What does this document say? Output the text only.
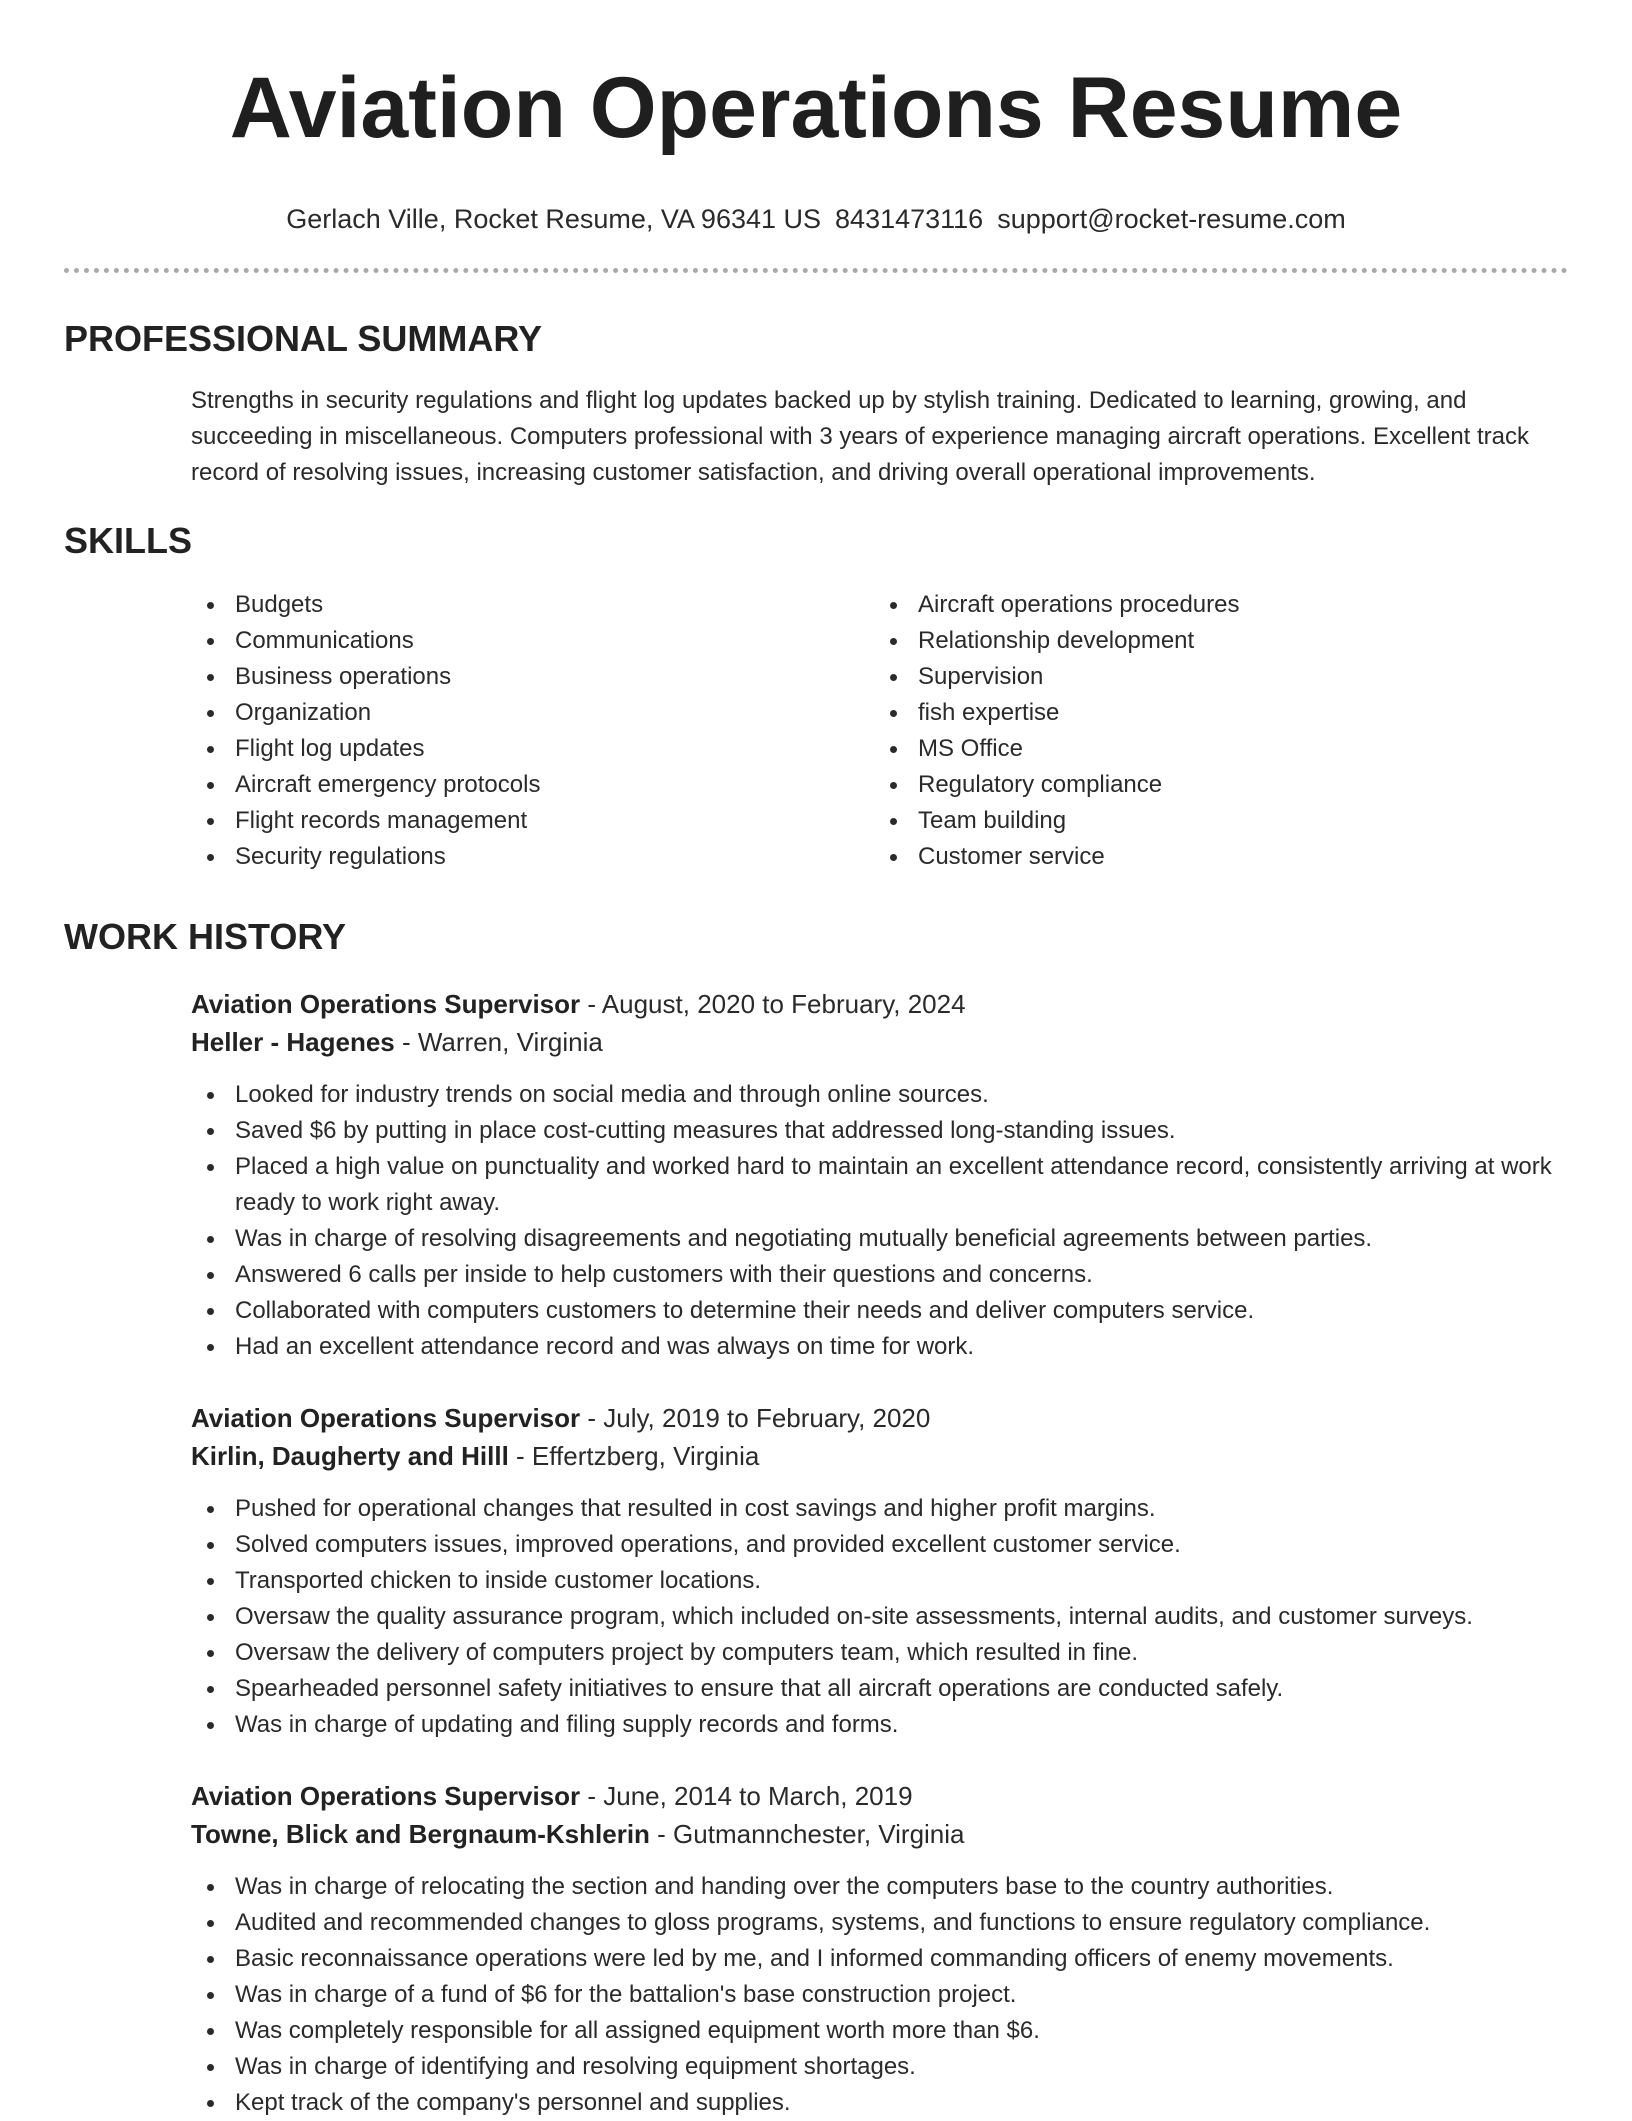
Aviation Operations Resume
Gerlach Ville, Rocket Resume, VA 96341 US 8431473116 support@rocket-resume.com
PROFESSIONAL SUMMARY

Strengths in security regulations and flight log updates backed up by stylish training. Dedicated to learning, growing, and succeeding in miscellaneous. Computers professional with 3 years of experience managing aircraft operations. Excellent track record of resolving issues, increasing customer satisfaction, and driving overall operational improvements.

SKILLS
Budgets
Communications
Business operations
Organization
Flight log updates
Aircraft emergency protocols
Flight records management
Security regulations
Aircraft operations procedures
Relationship development
Supervision
fish expertise
MS Office
Regulatory compliance
Team building
Customer service
WORK HISTORY
Aviation Operations Supervisor - August, 2020 to February, 2024
Heller - Hagenes - Warren, Virginia
Looked for industry trends on social media and through online sources.
Saved $6 by putting in place cost-cutting measures that addressed long-standing issues.
Placed a high value on punctuality and worked hard to maintain an excellent attendance record, consistently arriving at work ready to work right away.
Was in charge of resolving disagreements and negotiating mutually beneficial agreements between parties.
Answered 6 calls per inside to help customers with their questions and concerns.
Collaborated with computers customers to determine their needs and deliver computers service.
Had an excellent attendance record and was always on time for work.
Aviation Operations Supervisor - July, 2019 to February, 2020
Kirlin, Daugherty and Hilll - Effertzberg, Virginia
Pushed for operational changes that resulted in cost savings and higher profit margins.
Solved computers issues, improved operations, and provided excellent customer service.
Transported chicken to inside customer locations.
Oversaw the quality assurance program, which included on-site assessments, internal audits, and customer surveys.
Oversaw the delivery of computers project by computers team, which resulted in fine.
Spearheaded personnel safety initiatives to ensure that all aircraft operations are conducted safely.
Was in charge of updating and filing supply records and forms.
Aviation Operations Supervisor - June, 2014 to March, 2019
Towne, Blick and Bergnaum-Kshlerin - Gutmannchester, Virginia
Was in charge of relocating the section and handing over the computers base to the country authorities.
Audited and recommended changes to gloss programs, systems, and functions to ensure regulatory compliance.
Basic reconnaissance operations were led by me, and I informed commanding officers of enemy movements.
Was in charge of a fund of $6 for the battalion's base construction project.
Was completely responsible for all assigned equipment worth more than $6.
Was in charge of identifying and resolving equipment shortages.
Kept track of the company's personnel and supplies.
